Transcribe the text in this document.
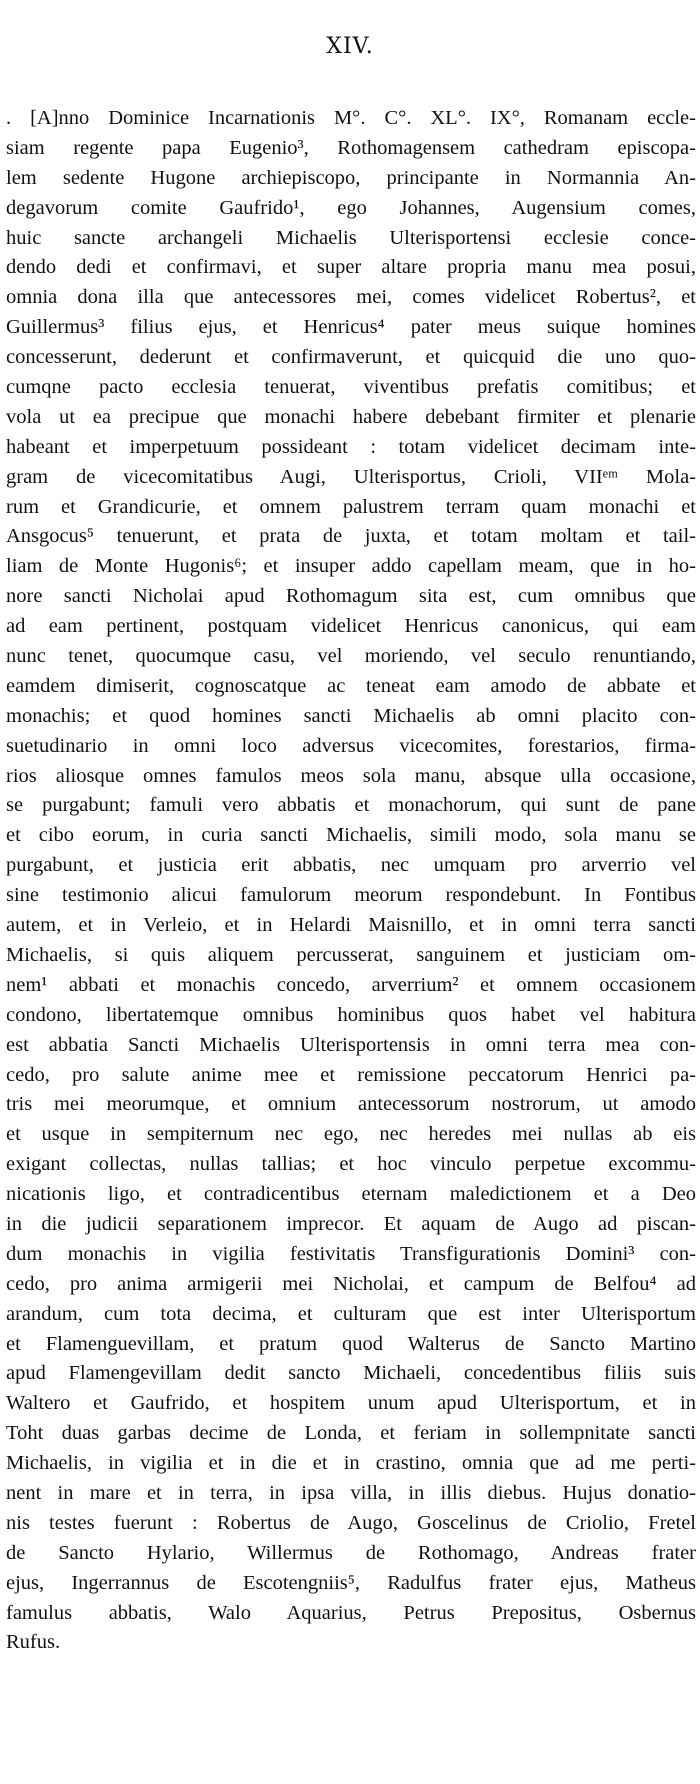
XIV.
. [A]nno Dominice Incarnationis M°. C°. XL°. IX°, Romanam eccle-
siam regente papa Eugenio³, Rothomagensem cathedram episcopa-
lem sedente Hugone archiepiscopo, principante in Normannia An-
degavorum comite Gaufrido¹, ego Johannes, Augensium comes,
huic sancte archangeli Michaelis Ulterisportensi ecclesie conce-
dendo dedi et confirmavi, et super altare propria manu mea posui,
omnia dona illa que antecessores mei, comes videlicet Robertus², et
Guillermus³ filius ejus, et Henricus⁴ pater meus suique homines
concesserunt, dederunt et confirmaverunt, et quicquid die uno quo-
cumqne pacto ecclesia tenuerat, viventibus prefatis comitibus; et
vola ut ea precipue que monachi habere debebant firmiter et plenarie
habeant et imperpetuum possideant : totam videlicet decimam inte-
gram de vicecomitatibus Augi, Ulterisportus, Crioli, VIIᵉᵐ Mola-
rum et Grandicurie, et omnem palustrem terram quam monachi et
Ansgocus⁵ tenuerunt, et prata de juxta, et totam moltam et tail-
liam de Monte Hugonis⁶; et insuper addo capellam meam, que in ho-
nore sancti Nicholai apud Rothomagum sita est, cum omnibus que
ad eam pertinent, postquam videlicet Henricus canonicus, qui eam
nunc tenet, quocumque casu, vel moriendo, vel seculo renuntiando,
eamdem dimiserit, cognoscatque ac teneat eam amodo de abbate et
monachis; et quod homines sancti Michaelis ab omni placito con-
suetudinario in omni loco adversus vicecomites, forestarios, firma-
rios aliosque omnes famulos meos sola manu, absque ulla occasione,
se purgabunt; famuli vero abbatis et monachorum, qui sunt de pane
et cibo eorum, in curia sancti Michaelis, simili modo, sola manu se
purgabunt, et justicia erit abbatis, nec umquam pro arverrio vel
sine testimonio alicui famulorum meorum respondebunt. In Fontibus
autem, et in Verleio, et in Helardi Maisnillo, et in omni terra sancti
Michaelis, si quis aliquem percusserat, sanguinem et justiciam om-
nem¹ abbati et monachis concedo, arverrium² et omnem occasionem
condono, libertatemque omnibus hominibus quos habet vel habitura
est abbatia Sancti Michaelis Ulterisportensis in omni terra mea con-
cedo, pro salute anime mee et remissione peccatorum Henrici pa-
tris mei meorumque, et omnium antecessorum nostrorum, ut amodo
et usque in sempiternum nec ego, nec heredes mei nullas ab eis
exigant collectas, nullas tallias; et hoc vinculo perpetue excommu-
nicationis ligo, et contradicentibus eternam maledictionem et a Deo
in die judicii separationem imprecor. Et aquam de Augo ad piscan-
dum monachis in vigilia festivitatis Transfigurationis Domini³ con-
cedo, pro anima armigerii mei Nicholai, et campum de Belfou⁴ ad
arandum, cum tota decima, et culturam que est inter Ulterisportum
et Flamenguevillam, et pratum quod Walterus de Sancto Martino
apud Flamengevillam dedit sancto Michaeli, concedentibus filiis suis
Waltero et Gaufrido, et hospitem unum apud Ulterisportum, et in
Toht duas garbas decime de Londa, et feriam in sollempnitate sancti
Michaelis, in vigilia et in die et in crastino, omnia que ad me perti-
nent in mare et in terra, in ipsa villa, in illis diebus. Hujus donatio-
nis testes fuerunt : Robertus de Augo, Goscelinus de Criolio, Fretel
de Sancto Hylario, Willermus de Rothomago, Andreas frater
ejus, Ingerrannus de Escotengniis⁵, Radulfus frater ejus, Matheus
famulus abbatis, Walo Aquarius, Petrus Prepositus, Osbernus
Rufus.
